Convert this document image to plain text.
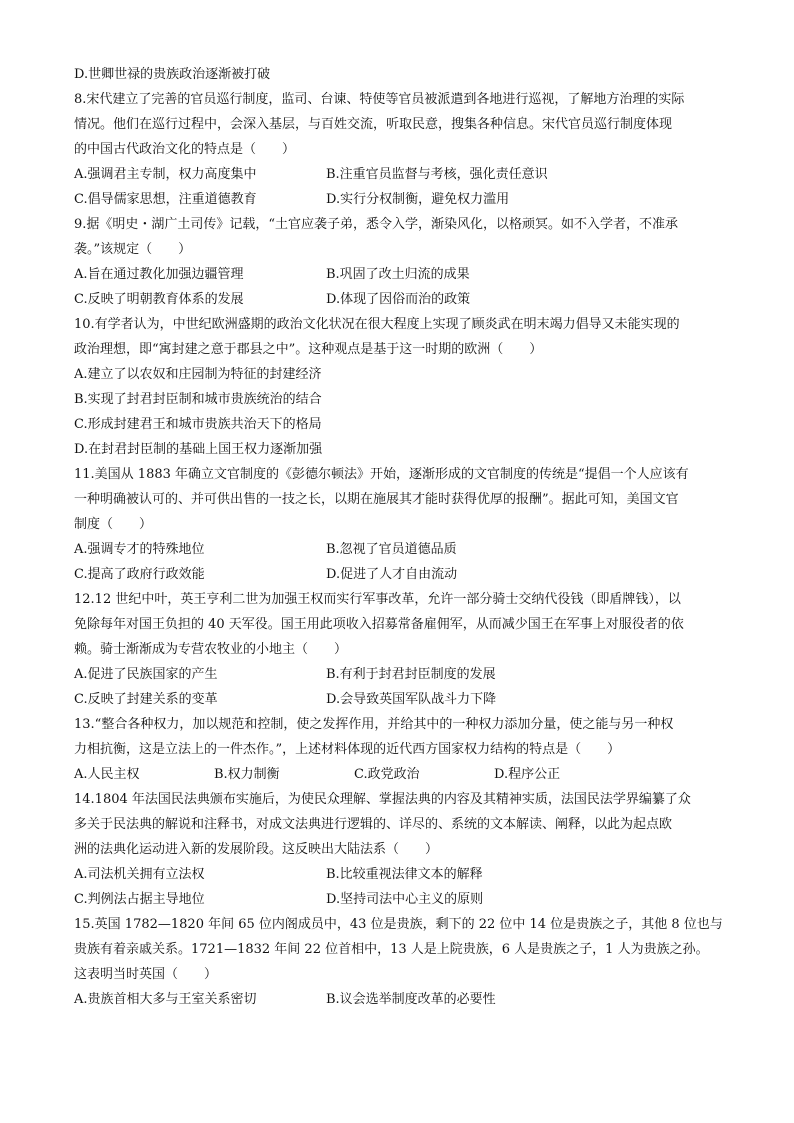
D.世卿世禄的贵族政治逐渐被打破
8.宋代建立了完善的官员巡行制度，监司、台谏、特使等官员被派遣到各地进行巡视，了解地方治理的实际
情况。他们在巡行过程中，会深入基层，与百姓交流，听取民意，搜集各种信息。宋代官员巡行制度体现
的中国古代政治文化的特点是（　　）
A.强调君主专制，权力高度集中	B.注重官员监督与考核，强化责任意识
C.倡导儒家思想，注重道德教育	D.实行分权制衡，避免权力滥用
9.据《明史・湖广土司传》记载，“土官应袭子弟，悉令入学，渐染风化，以格顽冥。如不入学者，不准承
袭。”该规定（　　）
A.旨在通过教化加强边疆管理	B.巩固了改土归流的成果
C.反映了明朝教育体系的发展	D.体现了因俗而治的政策
10.有学者认为，中世纪欧洲盛期的政治文化状况在很大程度上实现了顾炎武在明末竭力倡导又未能实现的
政治理想，即“寓封建之意于郡县之中”。这种观点是基于这一时期的欧洲（　　）
A.建立了以农奴和庄园制为特征的封建经济
B.实现了封君封臣制和城市贵族统治的结合
C.形成封建君王和城市贵族共治天下的格局
D.在封君封臣制的基础上国王权力逐渐加强
11.美国从 1883 年确立文官制度的《彭德尔顿法》开始，逐渐形成的文官制度的传统是“提倡一个人应该有
一种明确被认可的、并可供出售的一技之长，以期在施展其才能时获得优厚的报酬”。据此可知，美国文官
制度（　　）
A.强调专才的特殊地位	B.忽视了官员道德品质
C.提高了政府行政效能	D.促进了人才自由流动
12.12 世纪中叶，英王亨利二世为加强王权而实行军事改革，允许一部分骑士交纳代役钱（即盾牌钱），以
免除每年对国王负担的 40 天军役。国王用此项收入招募常备雇佣军，从而减少国王在军事上对服役者的依
赖。骑士渐渐成为专营农牧业的小地主（　　）
A.促进了民族国家的产生	B.有利于封君封臣制度的发展
C.反映了封建关系的变革	D.会导致英国军队战斗力下降
13.“整合各种权力，加以规范和控制，使之发挥作用，并给其中的一种权力添加分量，使之能与另一种权
力相抗衡，这是立法上的一件杰作。”，上述材料体现的近代西方国家权力结构的特点是（　　）
A.人民主权	B.权力制衡	C.政党政治	D.程序公正
14.1804 年法国民法典颁布实施后，为使民众理解、掌握法典的内容及其精神实质，法国民法学界编纂了众
多关于民法典的解说和注释书，对成文法典进行逻辑的、详尽的、系统的文本解读、阐释，以此为起点欧
洲的法典化运动进入新的发展阶段。这反映出大陆法系（　　）
A.司法机关拥有立法权	B.比较重视法律文本的解释
C.判例法占据主导地位	D.坚持司法中心主义的原则
15.英国 1782—1820 年间 65 位内阁成员中，43 位是贵族，剩下的 22 位中 14 位是贵族之子，其他 8 位也与
贵族有着亲戚关系。1721—1832 年间 22 位首相中，13 人是上院贵族，6 人是贵族之子，1 人为贵族之孙。
这表明当时英国（　　）
A.贵族首相大多与王室关系密切	B.议会选举制度改革的必要性
